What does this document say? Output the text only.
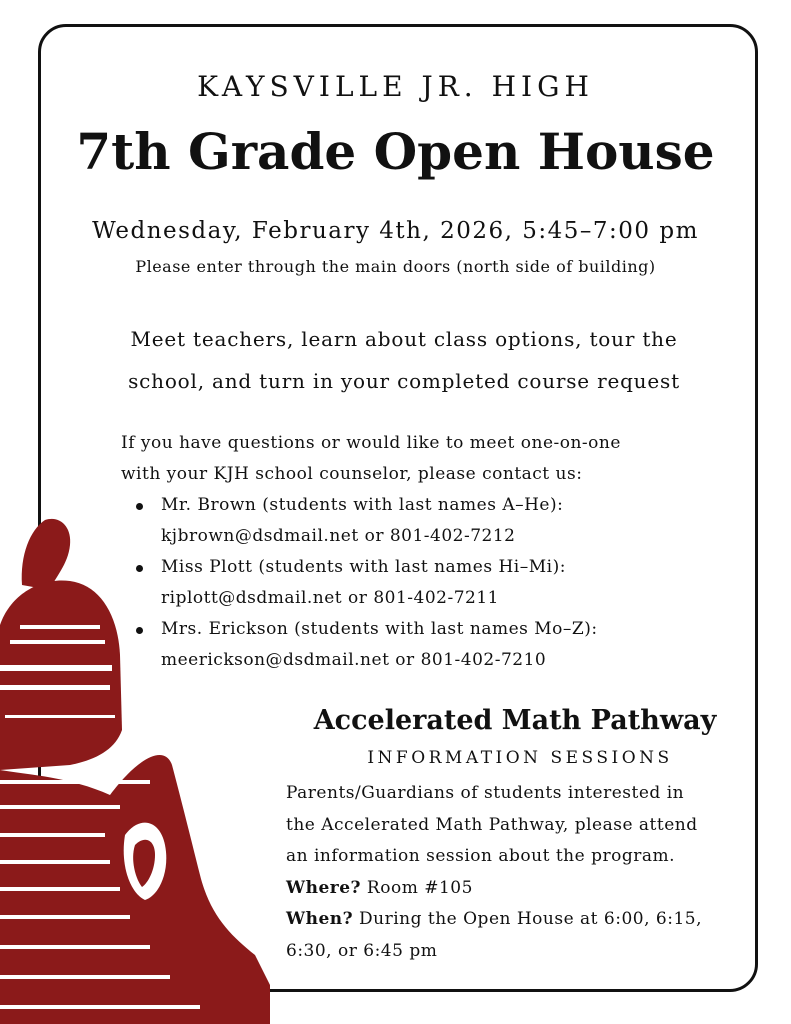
KAYSVILLE JR. HIGH
7th Grade Open House
Wednesday, February 4th, 2026, 5:45–7:00 pm
Please enter through the main doors (north side of building)
Meet teachers, learn about class options, tour the
school, and turn in your completed course request
If you have questions or would like to meet one-on-one
with your KJH school counselor, please contact us:
Mr. Brown (students with last names A–He):
kjbrown@dsdmail.net or 801-402-7212
Miss Plott (students with last names Hi–Mi):
riplott@dsdmail.net or 801-402-7211
Mrs. Erickson (students with last names Mo–Z):
meerickson@dsdmail.net or 801-402-7210
Accelerated Math Pathway
INFORMATION SESSIONS
Parents/Guardians of students interested in
the Accelerated Math Pathway, please attend
an information session about the program.
Where? Room #105
When? During the Open House at 6:00, 6:15,
6:30, or 6:45 pm
